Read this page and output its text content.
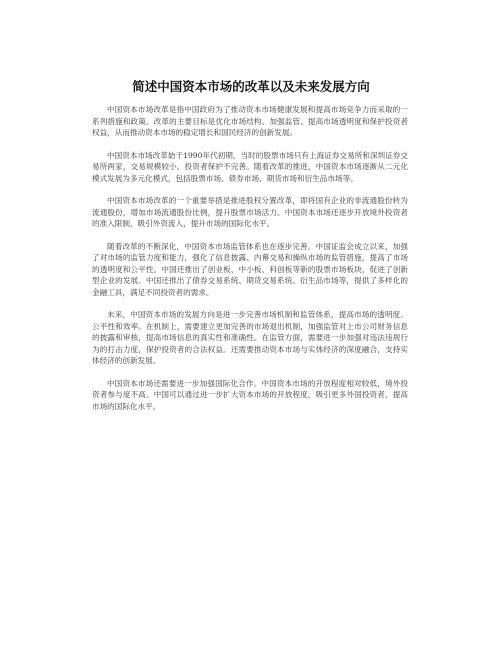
简述中国资本市场的改革以及未来发展方向

中国资本市场改革是指中国政府为了推动资本市场健康发展和提高市场竞争力而采取的一系列措施和政策。改革的主要目标是优化市场结构、加强监管、提高市场透明度和保护投资者权益，从而推动资本市场的稳定增长和国民经济的创新发展。

中国资本市场改革始于1990年代初期，当时的股票市场只有上海证券交易所和深圳证券交易所两家，交易规模较小，投资者保护不完善。随着改革的推进，中国资本市场逐渐从二元化模式发展为多元化模式，包括股票市场、债券市场、期货市场和衍生品市场等。

中国资本市场改革的一个重要举措是推进股权分置改革，即将国有企业的非流通股份转为流通股份，增加市场流通股份比例，提升股票市场活力。中国资本市场还逐步开放境外投资者的准入限制，吸引外资流入，提升市场的国际化水平。

随着改革的不断深化，中国资本市场监管体系也在逐步完善。中国证监会成立以来，加强了对市场的监管力度和能力，强化了信息披露、内幕交易和操纵市场的监管措施，提高了市场的透明度和公平性。中国还推出了创业板、中小板、科创板等新的股票市场板块，促进了创新型企业的发展。中国还推出了债券交易系统、期货交易系统、衍生品市场等，提供了多样化的金融工具，满足不同投资者的需求。

未来，中国资本市场的发展方向是进一步完善市场机制和监管体系，提高市场的透明度、公平性和效率。在机制上，需要建立更加完善的市场退出机制，加强监管对上市公司财务信息的披露和审核，提高市场信息的真实性和准确性。在监管方面，需要进一步加强对违法违规行为的打击力度，保护投资者的合法权益。还需要推动资本市场与实体经济的深度融合，支持实体经济的创新发展。

中国资本市场还需要进一步加强国际化合作。中国资本市场的开放程度相对较低，境外投资者参与度不高。中国可以通过进一步扩大资本市场的开放程度，吸引更多外国投资者，提高市场的国际化水平。
